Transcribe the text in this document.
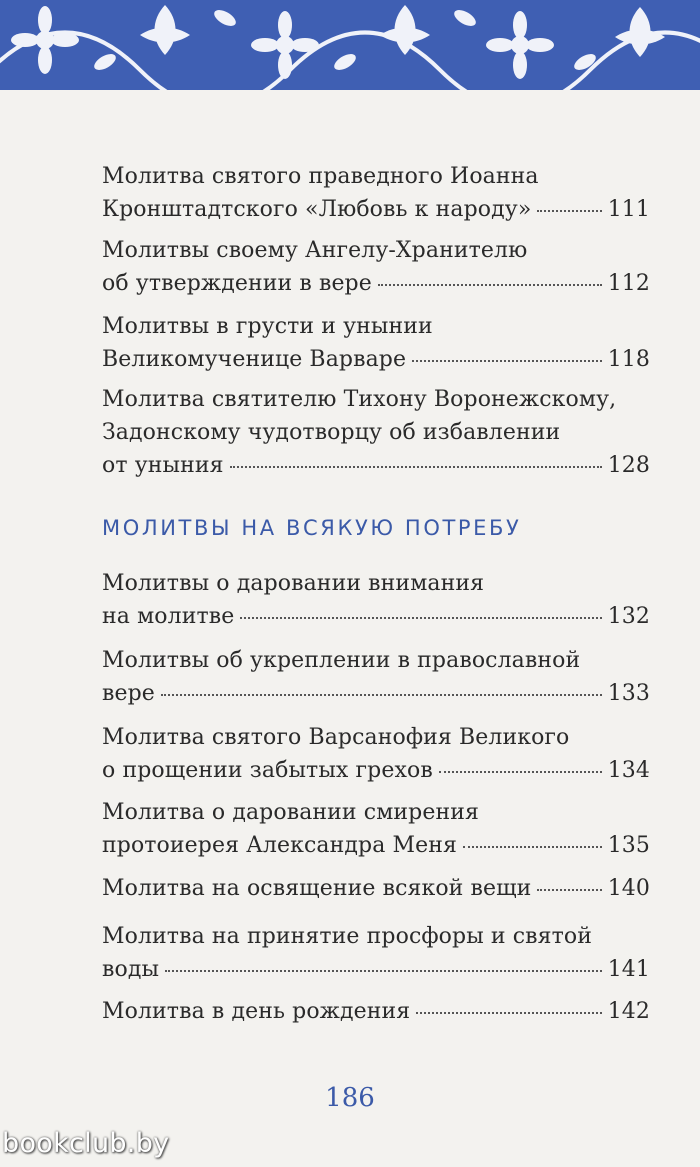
Молитва святого праведного Иоанна
Кронштадтского «Любовь к народу»	111
Молитвы своему Ангелу-Хранителю
об утверждении в вере	112
Молитвы в грусти и унынии
Великомученице Варваре	118
Молитва святителю Тихону Воронежскому,
Задонскому чудотворцу об избавлении
от уныния	128
МОЛИТВЫ НА ВСЯКУЮ ПОТРЕБУ
Молитвы о даровании внимания
на молитве	132
Молитвы об укреплении в православной
вере	133
Молитва святого Варсанофия Великого
о прощении забытых грехов	134
Молитва о даровании смирения
протоиерея Александра Меня	135
Молитва на освящение всякой вещи	140
Молитва на принятие просфоры и святой
воды	141
Молитва в день рождения	142
186
bookclub.by
